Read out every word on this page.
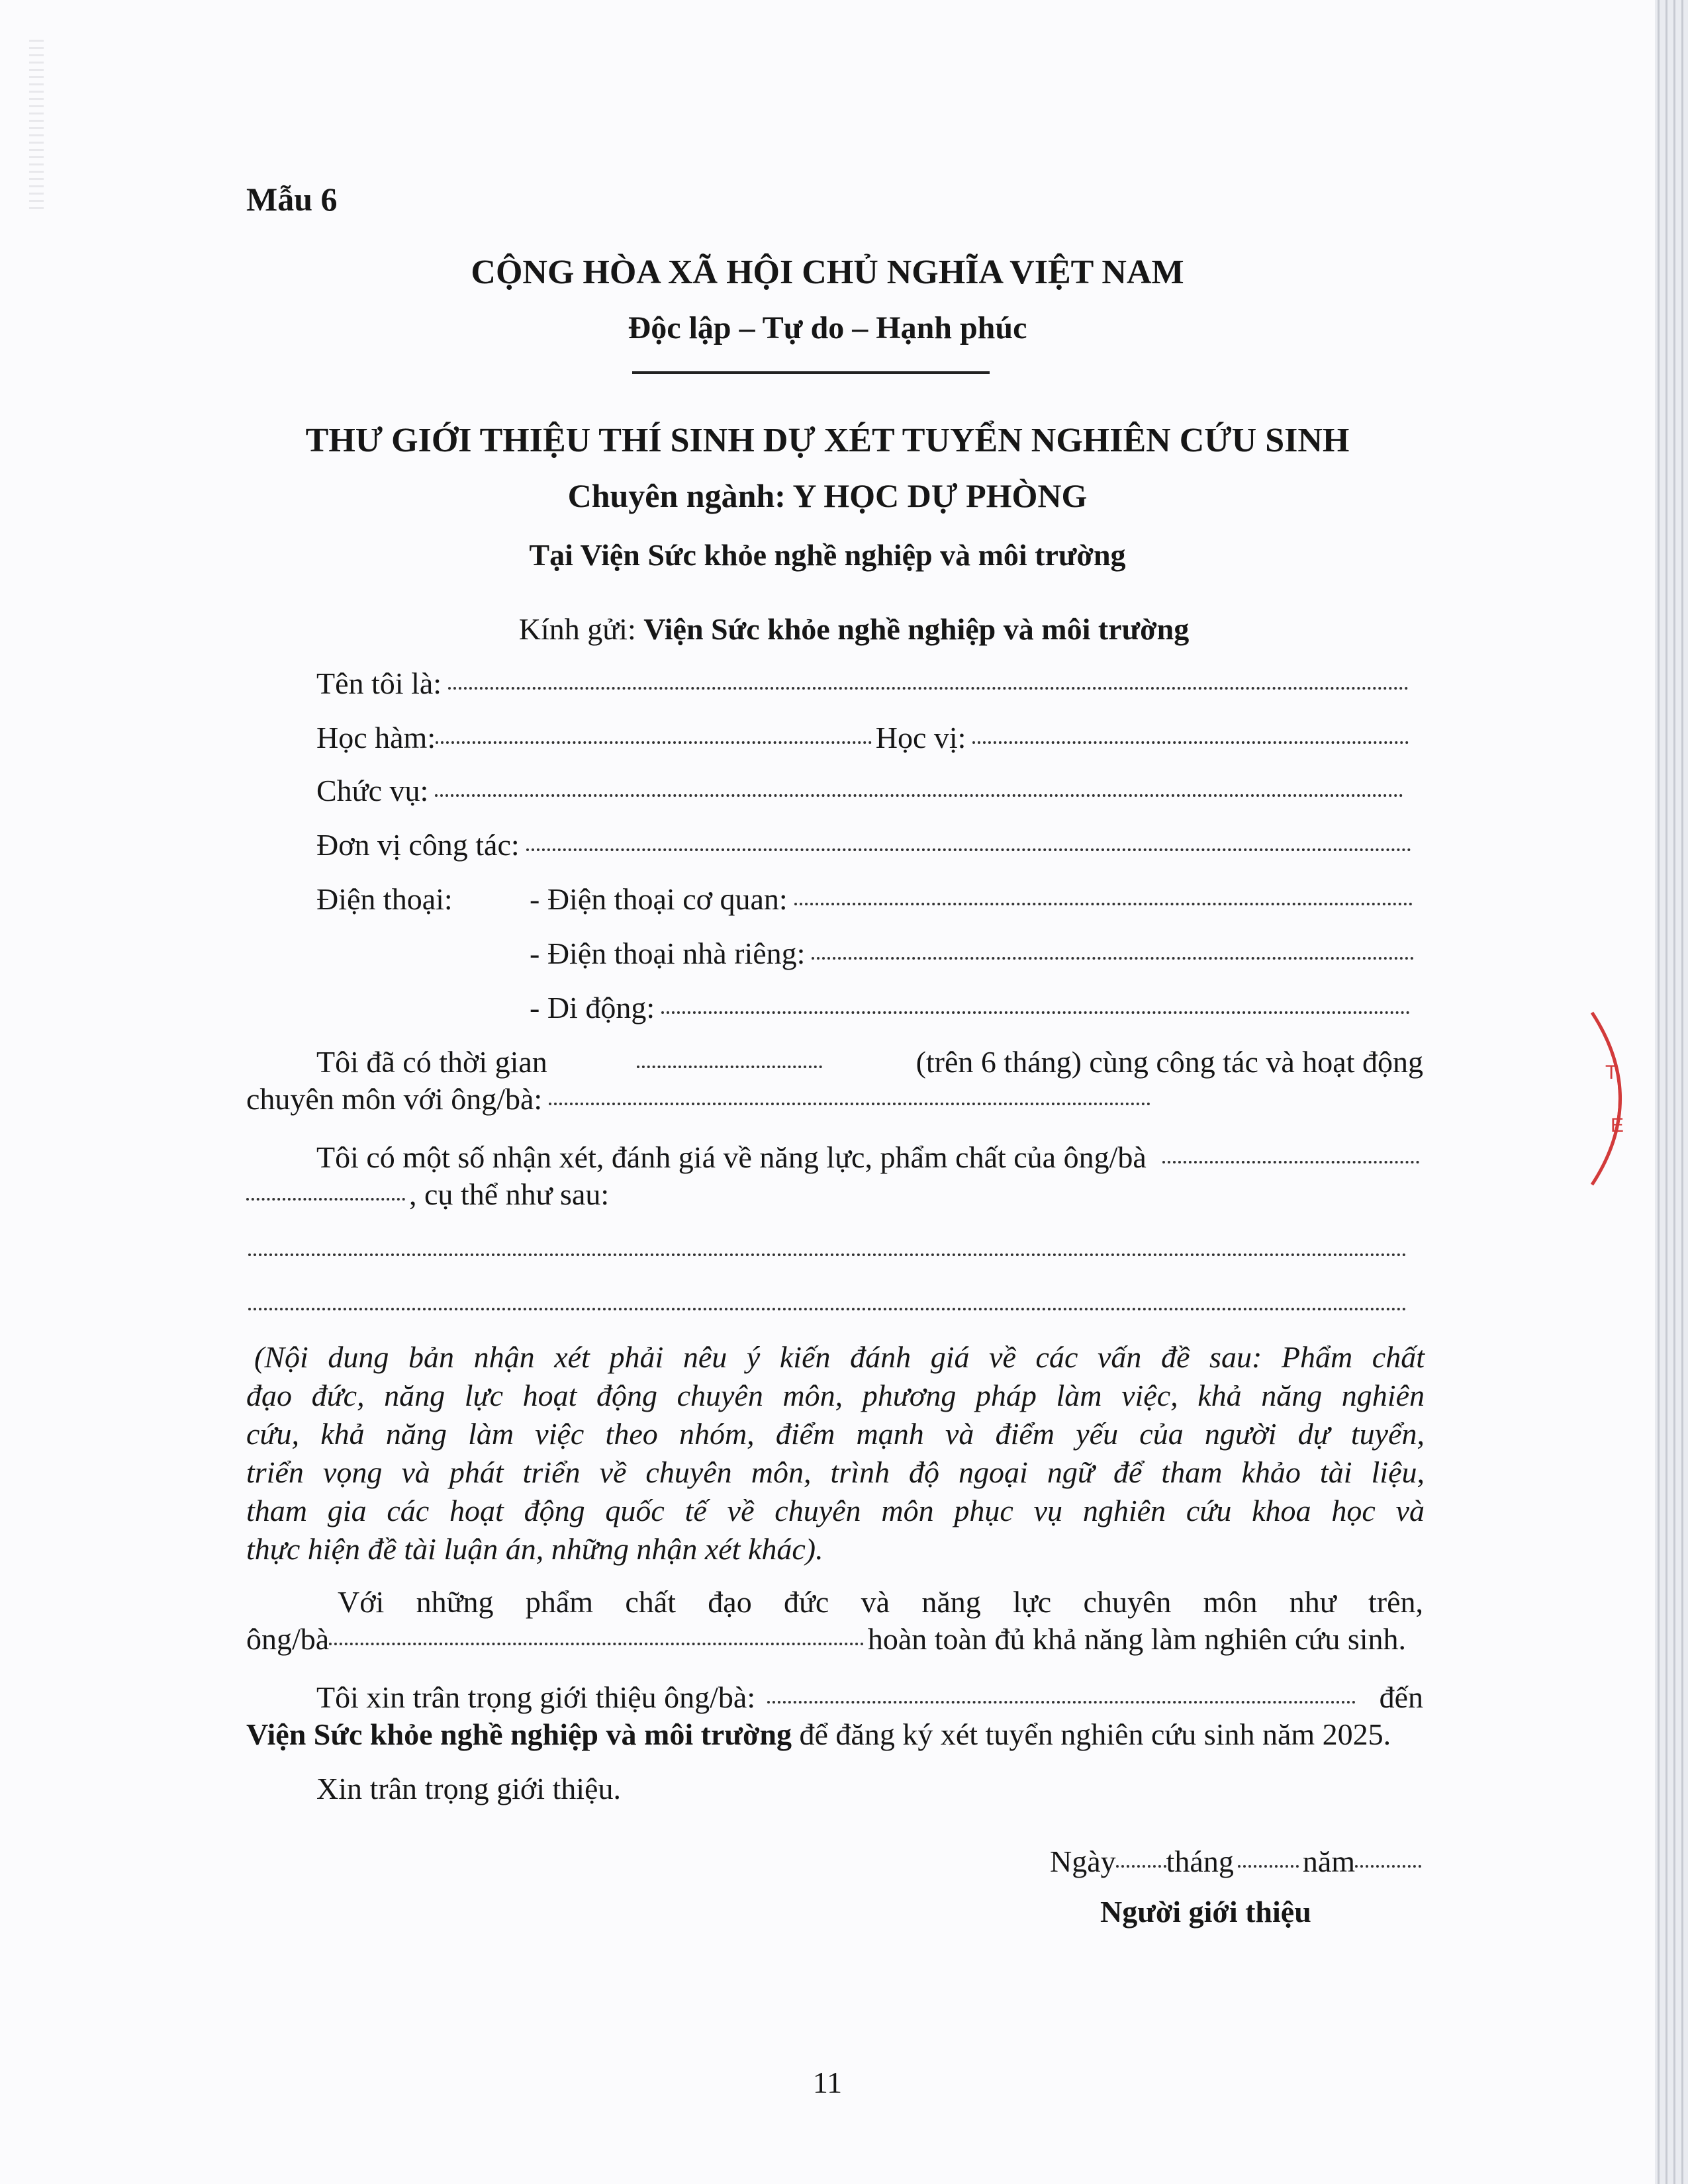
Mẫu 6
CỘNG HÒA XÃ HỘI CHỦ NGHĨA VIỆT NAM
Độc lập – Tự do – Hạnh phúc
THƯ GIỚI THIỆU THÍ SINH DỰ XÉT TUYỂN NGHIÊN CỨU SINH
Chuyên ngành: Y HỌC DỰ PHÒNG
Tại Viện Sức khỏe nghề nghiệp và môi trường
Kính gửi: Viện Sức khỏe nghề nghiệp và môi trường
Tên tôi là:
Học hàm:	Học vị:
Chức vụ:
Đơn vị công tác:
Điện thoại:	- Điện thoại cơ quan:
- Điện thoại nhà riêng:
- Di động:
Tôi đã có thời gian	(trên 6 tháng) cùng công tác và hoạt động
chuyên môn với ông/bà:
Tôi có một số nhận xét, đánh giá về năng lực, phẩm chất của ông/bà
, cụ thể như sau:
(Nội dung bản nhận xét phải nêu ý kiến đánh giá về các vấn đề sau: Phẩm chất
đạo đức, năng lực hoạt động chuyên môn, phương pháp làm việc, khả năng nghiên
cứu, khả năng làm việc theo nhóm, điểm mạnh và điểm yếu của người dự tuyển,
triển vọng và phát triển về chuyên môn, trình độ ngoại ngữ để tham khảo tài liệu,
tham gia các hoạt động quốc tế về chuyên môn phục vụ nghiên cứu khoa học và
thực hiện đề tài luận án, những nhận xét khác).
Với những phẩm chất đạo đức và năng lực chuyên môn như trên,
ông/bà	hoàn toàn đủ khả năng làm nghiên cứu sinh.
Tôi xin trân trọng giới thiệu ông/bà:	đến
Viện Sức khỏe nghề nghiệp và môi trường để đăng ký xét tuyển nghiên cứu sinh năm 2025.
Xin trân trọng giới thiệu.
Ngày tháng năm
Người giới thiệu
11
T
E
